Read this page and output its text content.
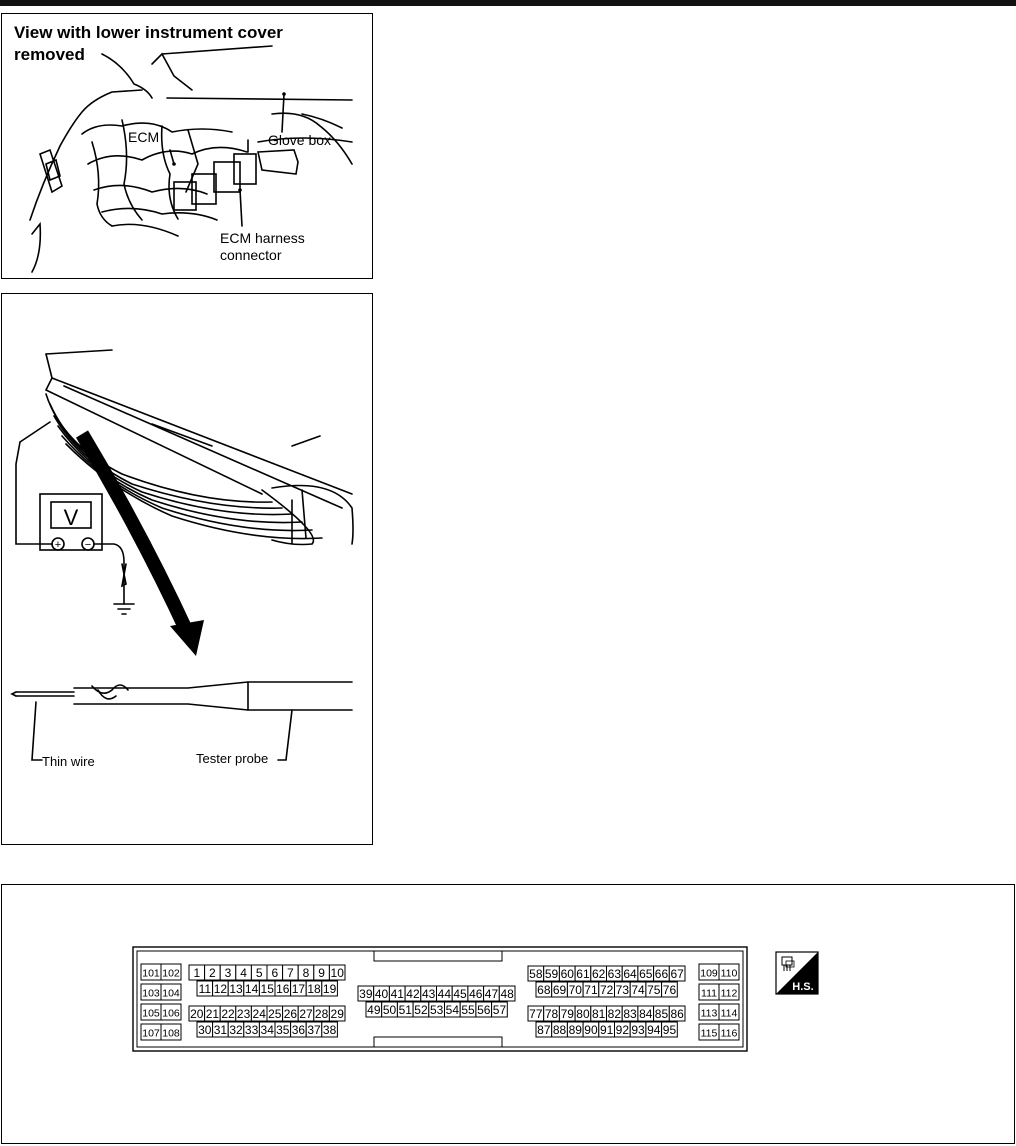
View with lower instrument cover removed
ECM	Glove box
ECM harness connector
V
+ −
Thin wire	Tester probe
101 102
103 104
105 106
107 108
109 110
111 112
113 114
115 116
1 2 3 4 5 6 7 8 9 10
11 12 13 14 15 16 17 18 19
20 21 22 23 24 25 26 27 28 29
30 31 32 33 34 35 36 37 38
39 40 41 42 43 44 45 46 47 48
49 50 51 52 53 54 55 56 57
58 59 60 61 62 63 64 65 66 67
68 69 70 71 72 73 74 75 76
77 78 79 80 81 82 83 84 85 86
87 88 89 90 91 92 93 94 95
H.S.
